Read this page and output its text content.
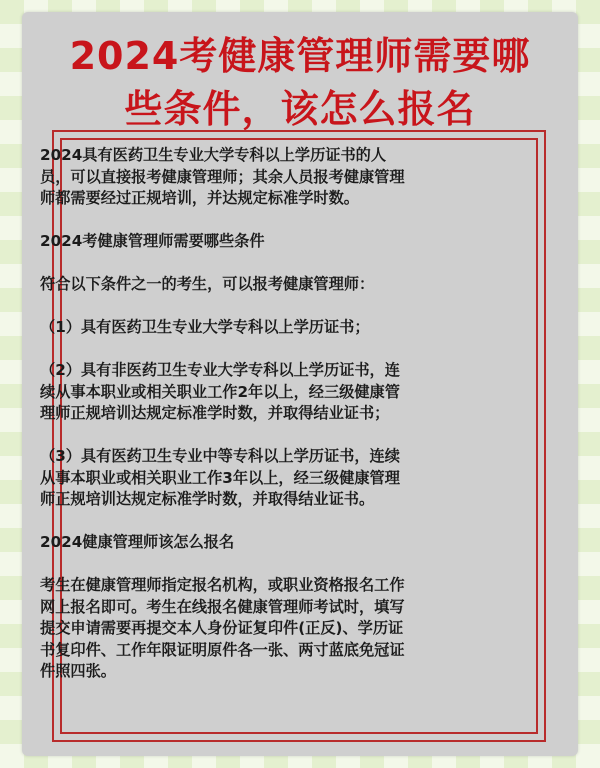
2024考健康管理师需要哪
些条件，该怎么报名

2024具有医药卫生专业大学专科以上学历证书的人
员，可以直接报考健康管理师；其余人员报考健康管理
师都需要经过正规培训，并达规定标准学时数。

2024考健康管理师需要哪些条件

符合以下条件之一的考生，可以报考健康管理师：

（1）具有医药卫生专业大学专科以上学历证书；

（2）具有非医药卫生专业大学专科以上学历证书，连
续从事本职业或相关职业工作2年以上，经三级健康管
理师正规培训达规定标准学时数，并取得结业证书；

（3）具有医药卫生专业中等专科以上学历证书，连续
从事本职业或相关职业工作3年以上，经三级健康管理
师正规培训达规定标准学时数，并取得结业证书。

2024健康管理师该怎么报名

考生在健康管理师指定报名机构，或职业资格报名工作
网上报名即可。考生在线报名健康管理师考试时，填写
提交申请需要再提交本人身份证复印件(正反)、学历证
书复印件、工作年限证明原件各一张、两寸蓝底免冠证
件照四张。
